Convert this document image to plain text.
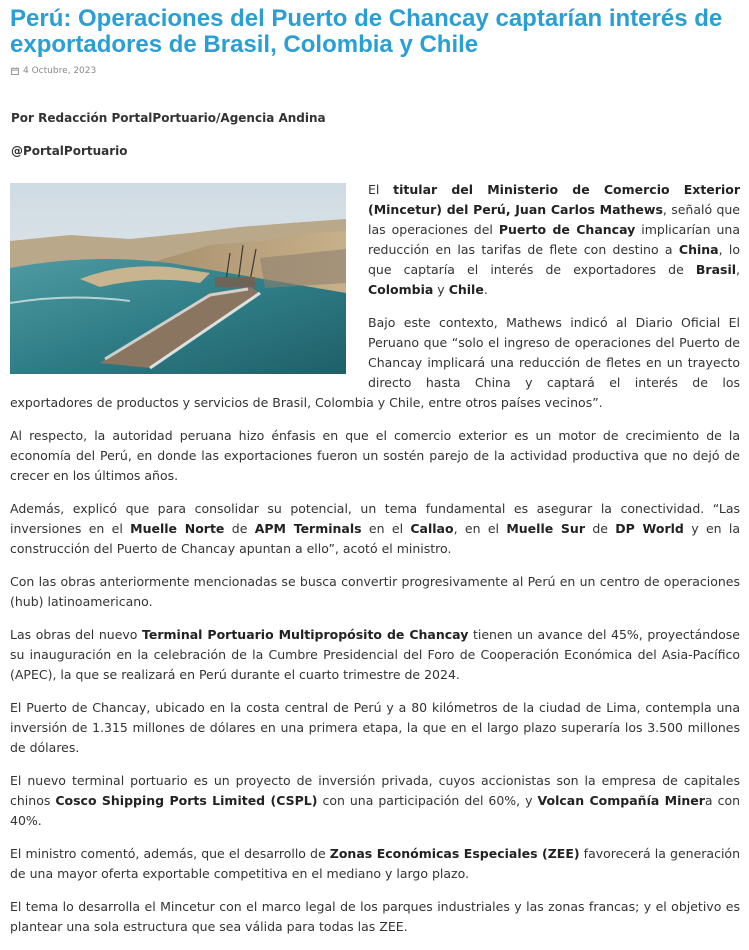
Perú: Operaciones del Puerto de Chancay captarían interés de exportadores de Brasil, Colombia y Chile
4 Octubre, 2023
Por Redacción PortalPortuario/Agencia Andina
@PortalPortuario

El titular del Ministerio de Comercio Exterior (Mincetur) del Perú, Juan Carlos Mathews, señaló que las operaciones del Puerto de Chancay implicarían una reducción en las tarifas de flete con destino a China, lo que captaría el interés de exportadores de Brasil, Colombia y Chile.

Bajo este contexto, Mathews indicó al Diario Oficial El Peruano que “solo el ingreso de operaciones del Puerto de Chancay implicará una reducción de fletes en un trayecto directo hasta China y captará el interés de los exportadores de productos y servicios de Brasil, Colombia y Chile, entre otros países vecinos”.

Al respecto, la autoridad peruana hizo énfasis en que el comercio exterior es un motor de crecimiento de la economía del Perú, en donde las exportaciones fueron un sostén parejo de la actividad productiva que no dejó de crecer en los últimos años.

Además, explicó que para consolidar su potencial, un tema fundamental es asegurar la conectividad. “Las inversiones en el Muelle Norte de APM Terminals en el Callao, en el Muelle Sur de DP World y en la construcción del Puerto de Chancay apuntan a ello”, acotó el ministro.

Con las obras anteriormente mencionadas se busca convertir progresivamente al Perú en un centro de operaciones (hub) latinoamericano.

Las obras del nuevo Terminal Portuario Multipropósito de Chancay tienen un avance del 45%, proyectándose su inauguración en la celebración de la Cumbre Presidencial del Foro de Cooperación Económica del Asia-Pacífico (APEC), la que se realizará en Perú durante el cuarto trimestre de 2024.

El Puerto de Chancay, ubicado en la costa central de Perú y a 80 kilómetros de la ciudad de Lima, contempla una inversión de 1.315 millones de dólares en una primera etapa, la que en el largo plazo superaría los 3.500 millones de dólares.

El nuevo terminal portuario es un proyecto de inversión privada, cuyos accionistas son la empresa de capitales chinos Cosco Shipping Ports Limited (CSPL) con una participación del 60%, y Volcan Compañía Minera con 40%.

El ministro comentó, además, que el desarrollo de Zonas Económicas Especiales (ZEE) favorecerá la generación de una mayor oferta exportable competitiva en el mediano y largo plazo.

El tema lo desarrolla el Mincetur con el marco legal de los parques industriales y las zonas francas; y el objetivo es plantear una sola estructura que sea válida para todas las ZEE.
